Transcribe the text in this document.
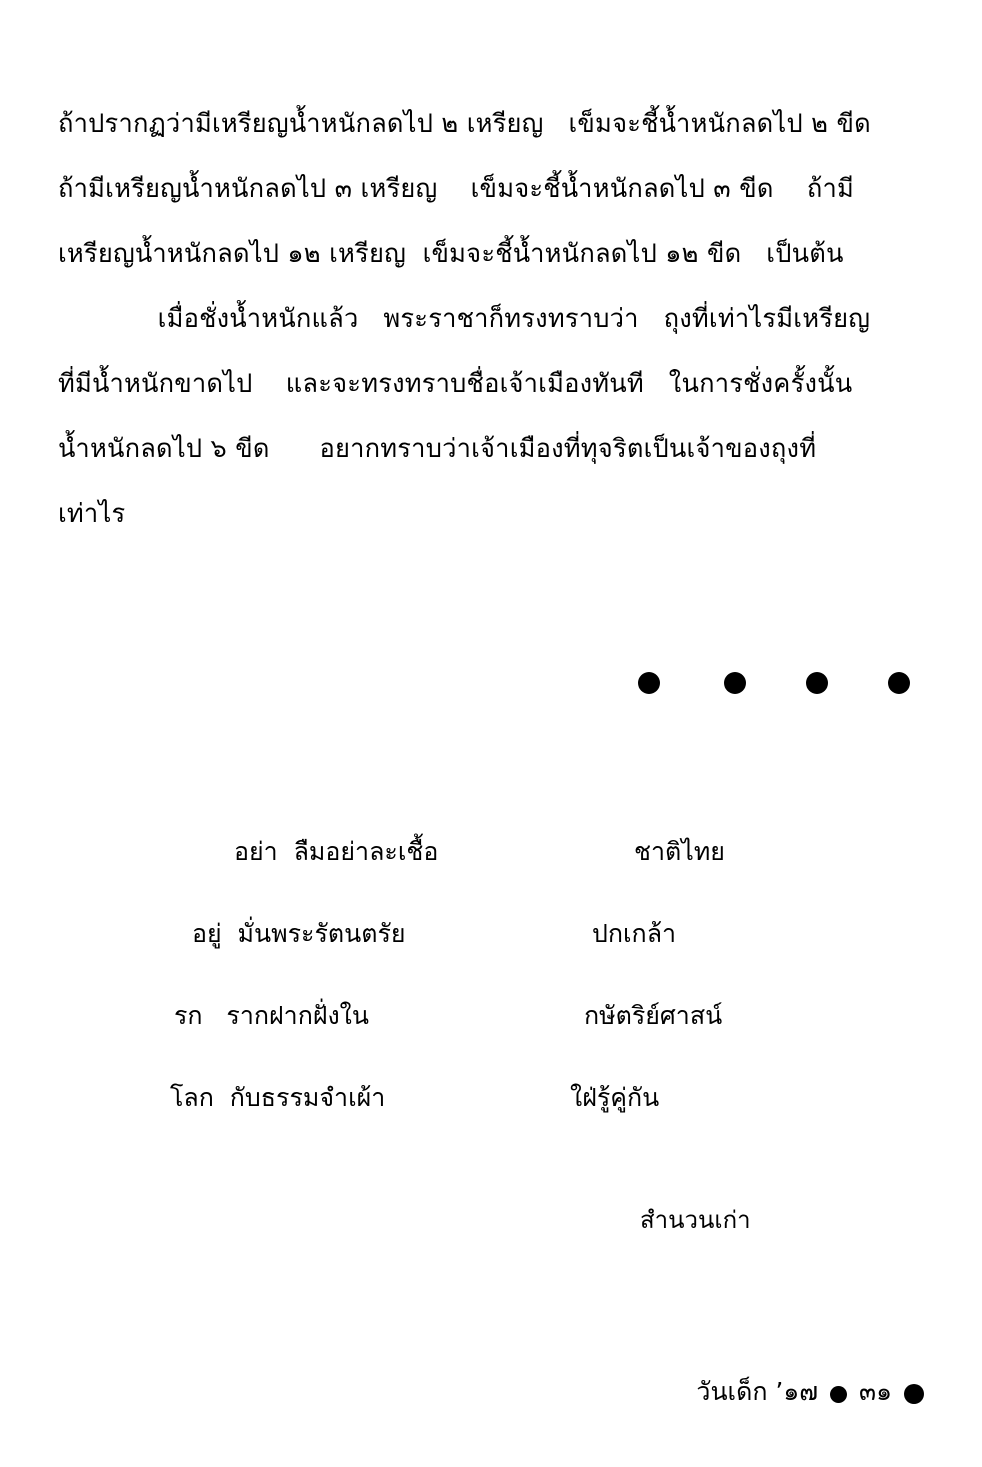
ถ้าปรากฏว่ามีเหรียญน้ำหนักลดไป ๒ เหรียญ   เข็มจะชี้น้ำหนักลดไป ๒ ขีด

ถ้ามีเหรียญน้ำหนักลดไป ๓ เหรียญ    เข็มจะชี้น้ำหนักลดไป ๓ ขีด    ถ้ามี

เหรียญน้ำหนักลดไป ๑๒ เหรียญ  เข็มจะชี้น้ำหนักลดไป ๑๒ ขีด   เป็นต้น

เมื่อชั่งน้ำหนักแล้ว   พระราชาก็ทรงทราบว่า   ถุงที่เท่าไรมีเหรียญ

ที่มีน้ำหนักขาดไป    และจะทรงทราบชื่อเจ้าเมืองทันที   ในการชั่งครั้งนั้น

น้ำหนักลดไป ๖ ขีด      อยากทราบว่าเจ้าเมืองที่ทุจริตเป็นเจ้าของถุงที่

เท่าไร

อย่า  ลืมอย่าละเชื้อ	ชาติไทย
อยู่  มั่นพระรัตนตรัย	ปกเกล้า
รก   รากฝากฝั่งใน	กษัตริย์ศาสน์
โลก  กับธรรมจำเผ้า	ใฝ่รู้คู่กัน
สำนวนเก่า
วันเด็ก ’๑๗ ๓๑
